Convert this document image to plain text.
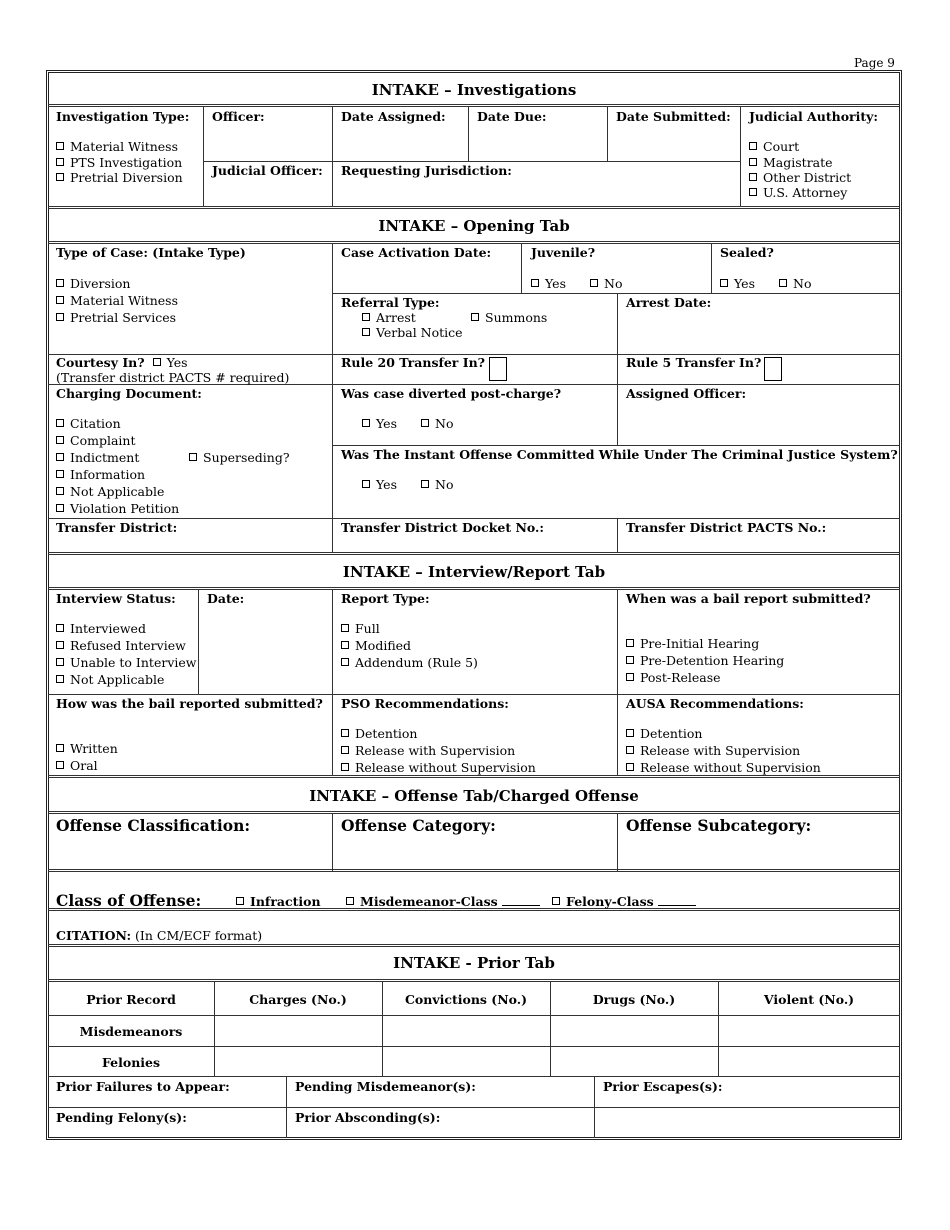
Page 9
INTAKE – Investigations
Investigation Type:
Material Witness
PTS Investigation
Pretrial Diversion
Officer:	Date Assigned:	Date Due:	Date Submitted: Judicial Authority:
Court
Magistrate
Other District
U.S. Attorney
Judicial Officer: Requesting Jurisdiction:
INTAKE – Opening Tab
Type of Case: (Intake Type)
Diversion
Material Witness
Pretrial Services
Case Activation Date:	Juvenile?
Yes	No
Sealed?
Yes	No
Referral Type:
Arrest	Summons
Verbal Notice
Arrest Date:
Courtesy In? Yes
(Transfer district PACTS # required)
Rule 20 Transfer In?	Rule 5 Transfer In?
Charging Document:
Citation
Complaint
Indictment	Superseding?
Information
Not Applicable
Violation Petition
Was case diverted post-charge?
Yes	No
Assigned Officer:
Was The Instant Offense Committed While Under The Criminal Justice System?
Yes	No
Transfer District:	Transfer District Docket No.:	Transfer District PACTS No.:
INTAKE – Interview/Report Tab
Interview Status:
Interviewed
Refused Interview
Unable to Interview
Not Applicable
Date:	Report Type:
Full
Modified
Addendum (Rule 5)
When was a bail report submitted?
Pre-Initial Hearing
Pre-Detention Hearing
Post-Release
How was the bail reported submitted?
Written
Oral
PSO Recommendations:
Detention
Release with Supervision
Release without Supervision
AUSA Recommendations:
Detention
Release with Supervision
Release without Supervision
INTAKE – Offense Tab/Charged Offense
Offense Classification:	Offense Category:	Offense Subcategory:
Class of Offense:	Infraction	Misdemeanor-Class	Felony-Class
CITATION: (In CM/ECF format)
INTAKE - Prior Tab
Prior Record	Charges (No.)	Convictions (No.)	Drugs (No.)	Violent (No.)
Misdemeanors
Felonies
Prior Failures to Appear:	Pending Misdemeanor(s):	Prior Escapes(s):
Pending Felony(s):	Prior Absconding(s):
